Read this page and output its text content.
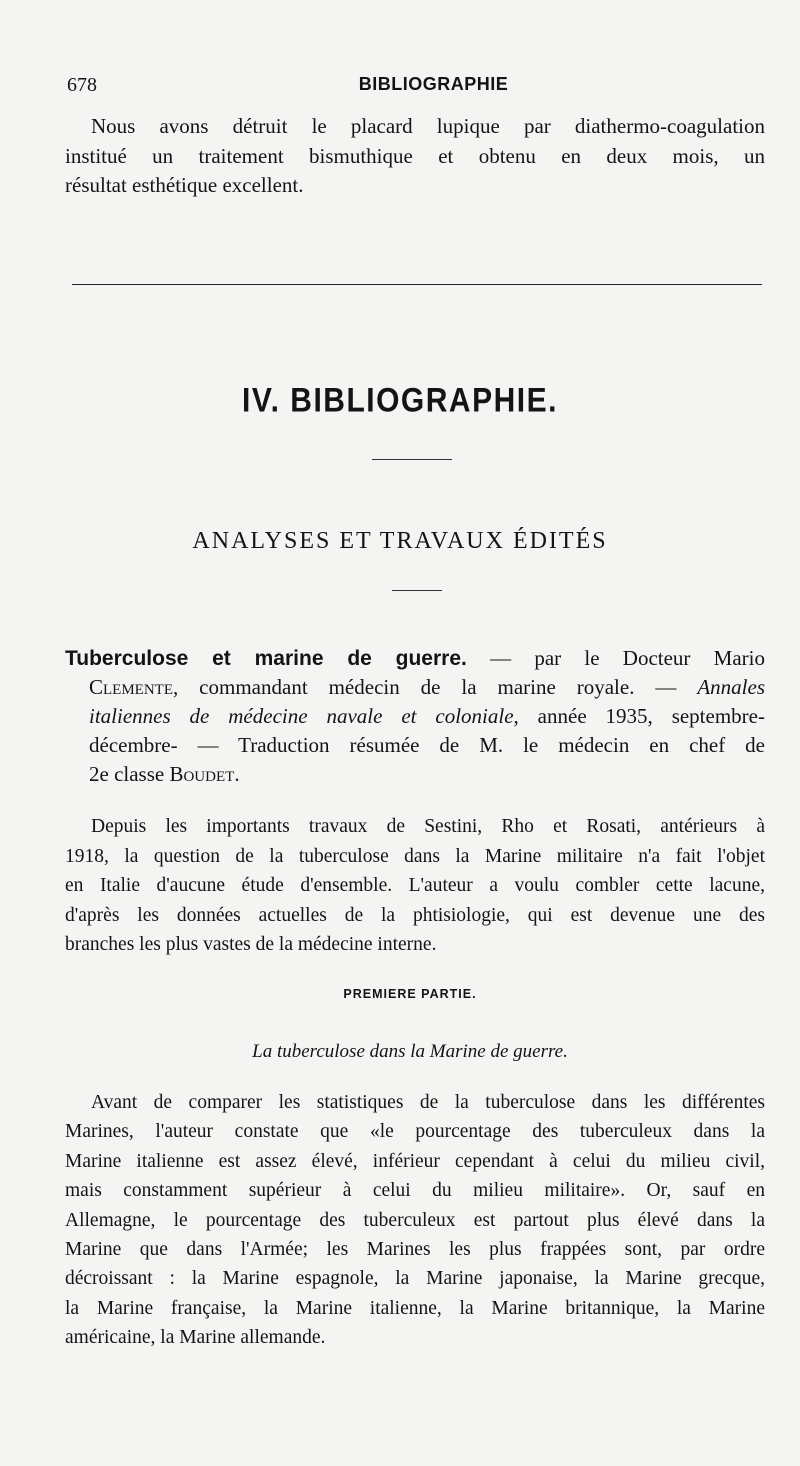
678	BIBLIOGRAPHIE
Nous avons détruit le placard lupique par diathermo-coagulation
institué un traitement bismuthique et obtenu en deux mois, un
résultat esthétique excellent.
IV. BIBLIOGRAPHIE.
ANALYSES ET TRAVAUX ÉDITÉS
Tuberculose et marine de guerre. — par le Docteur Mario
Clemente, commandant médecin de la marine royale. — Annales
italiennes de médecine navale et coloniale, année 1935, septembre-
décembre- — Traduction résumée de M. le médecin en chef de
2e classe Boudet.
Depuis les importants travaux de Sestini, Rho et Rosati, antérieurs à
1918, la question de la tuberculose dans la Marine militaire n'a fait l'objet
en Italie d'aucune étude d'ensemble. L'auteur a voulu combler cette lacune,
d'après les données actuelles de la phtisiologie, qui est devenue une des
branches les plus vastes de la médecine interne.
PREMIERE PARTIE.
La tuberculose dans la Marine de guerre.
Avant de comparer les statistiques de la tuberculose dans les différentes
Marines, l'auteur constate que «le pourcentage des tuberculeux dans la
Marine italienne est assez élevé, inférieur cependant à celui du milieu civil,
mais constamment supérieur à celui du milieu militaire». Or, sauf en
Allemagne, le pourcentage des tuberculeux est partout plus élevé dans la
Marine que dans l'Armée; les Marines les plus frappées sont, par ordre
décroissant : la Marine espagnole, la Marine japonaise, la Marine grecque,
la Marine française, la Marine italienne, la Marine britannique, la Marine
américaine, la Marine allemande.
